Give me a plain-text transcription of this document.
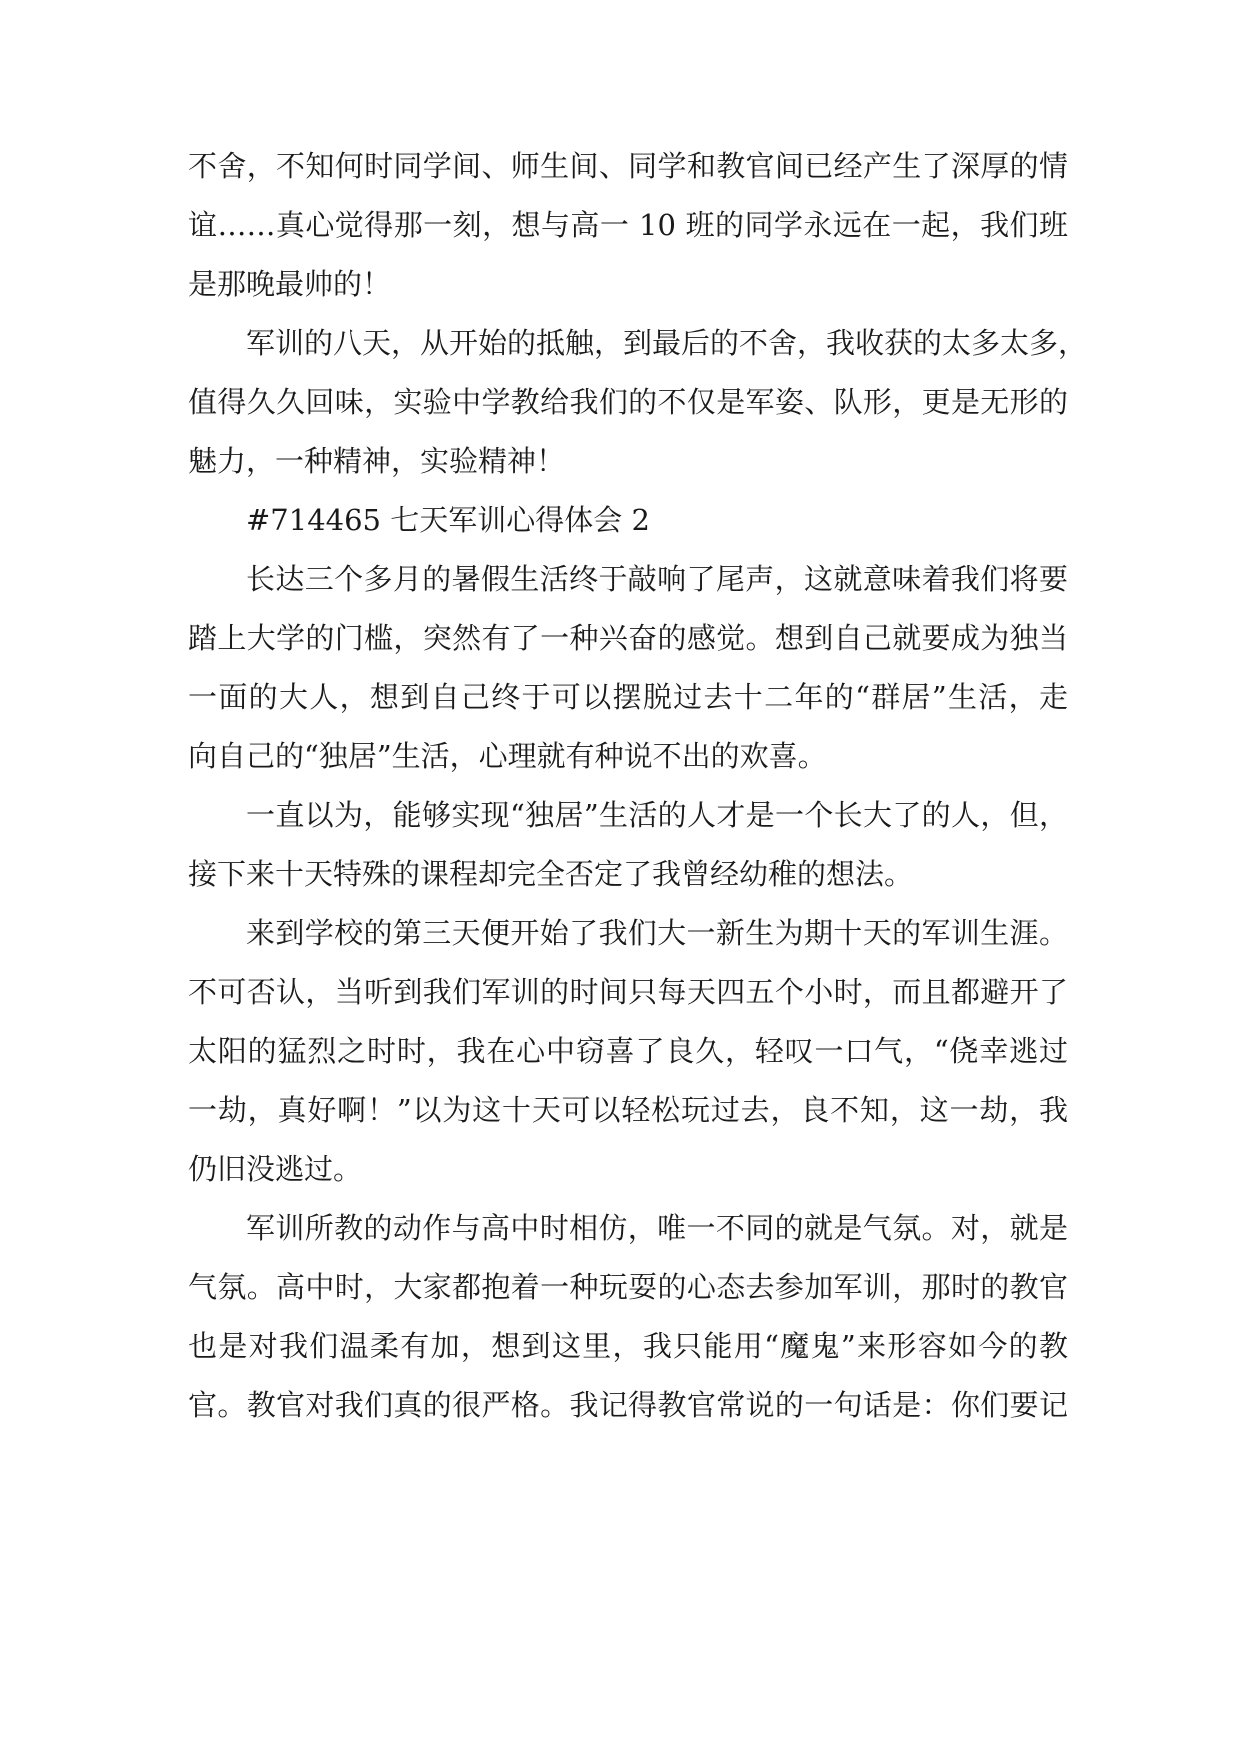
不舍，不知何时同学间、师生间、同学和教官间已经产生了深厚的情

谊……真心觉得那一刻，想与高一 10 班的同学永远在一起，我们班

是那晚最帅的！

军训的八天，从开始的抵触，到最后的不舍，我收获的太多太多，

值得久久回味，实验中学教给我们的不仅是军姿、队形，更是无形的

魅力，一种精神，实验精神！

#714465 七天军训心得体会 2

长达三个多月的暑假生活终于敲响了尾声，这就意味着我们将要

踏上大学的门槛，突然有了一种兴奋的感觉。想到自己就要成为独当

一面的大人，想到自己终于可以摆脱过去十二年的“群居”生活，走

向自己的“独居”生活，心理就有种说不出的欢喜。

一直以为，能够实现“独居”生活的人才是一个长大了的人，但，

接下来十天特殊的课程却完全否定了我曾经幼稚的想法。

来到学校的第三天便开始了我们大一新生为期十天的军训生涯。

不可否认，当听到我们军训的时间只每天四五个小时，而且都避开了

太阳的猛烈之时时，我在心中窃喜了良久，轻叹一口气，“侥幸逃过

一劫，真好啊！”以为这十天可以轻松玩过去，良不知，这一劫，我

仍旧没逃过。

军训所教的动作与高中时相仿，唯一不同的就是气氛。对，就是

气氛。高中时，大家都抱着一种玩耍的心态去参加军训，那时的教官

也是对我们温柔有加，想到这里，我只能用“魔鬼”来形容如今的教

官。教官对我们真的很严格。我记得教官常说的一句话是：你们要记
